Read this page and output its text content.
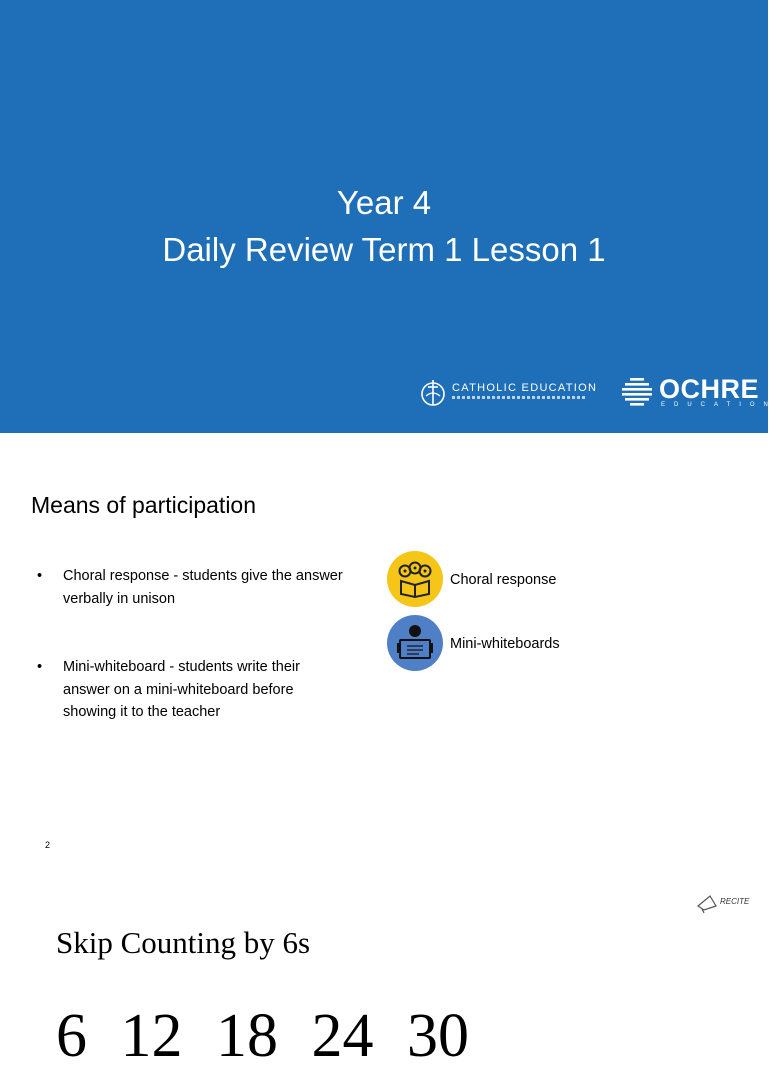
Year 4
Daily Review Term 1 Lesson 1
CATHOLIC EDUCATION OCHRE
EDUCATION
Means of participation
• Choral response - students give the answer verbally in unison
• Mini-whiteboard - students write their answer on a mini-whiteboard before showing it to the teacher
Choral response
Mini-whiteboards
2
RECITE
Skip Counting by 6s
6 12 18 24 30
